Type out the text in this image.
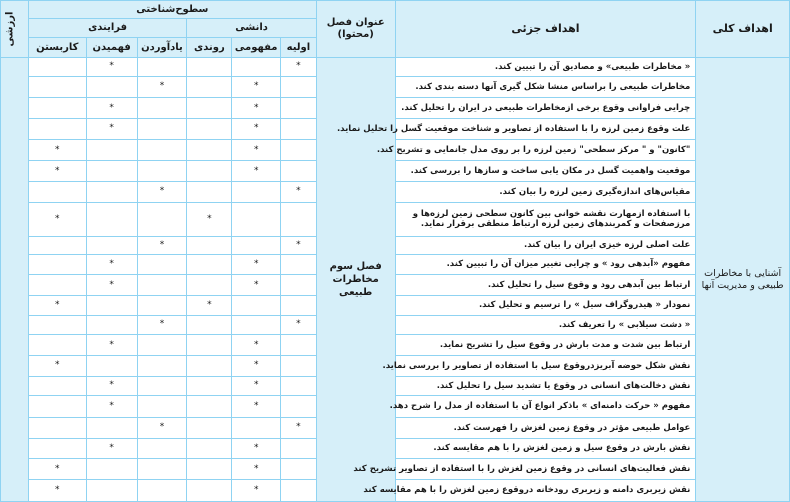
اهداف کلی	اهداف جزئی	عنوان فصل (محتوا)	سطوح‌شناختی						ارزشی
			دانشی			فرایندی			
			اولیه	مفهومی	روندی	یادآوردن	فهمیدن	کاربستن	
آشنایی با مخاطرات طبیعی و مدیریت آنها	« مخاطرات طبیعی» و مصادیق آن را تبیین کند.	فصل سوم مخاطرات طبیعی	*				*		
	مخاطرات طبیعی را براساس منشا شکل گیری آنها دسته بندی کند.			*		*			
	چرایی فراوانی وقوع برخی ازمخاطرات طبیعی در ایران را تحلیل کند.			*			*		
	علت وقوع زمین لرزه را با استفاده از تصاویر و شناخت موقعیت گسل را تحلیل نماید.			*			*		
	"کانون" و " مرکز سطحی" زمین لرزه را بر روی مدل جانمایی و تشریح کند.			*				*	
	موقعیت واهمیت گسل در مکان یابی ساخت و سازها را بررسی کند.			*				*	
	مقیاس‌های اندازه‌گیری زمین لرزه را بیان کند.		*			*			
	با استفاده ازمهارت نقشه خوانی بین کانون سطحی زمین لرزه‌ها و مرزصفحات و کمربندهای زمین لرزه ارتباط منطقی برقرار نماید.				*			*	
	علت اصلی لرزه خیزی ایران را بیان کند.		*			*			
	مفهوم «آبدهی رود » و چرایی تغییر میزان آن را تبیین کند.			*			*		
	ارتباط بین آبدهی رود و وقوع سیل را تحلیل کند.			*			*		
	نمودار « هیدروگراف سیل » را ترسیم و تحلیل کند.				*			*	
	« دشت سیلابی » را تعریف کند.		*			*			
	ارتباط بین شدت و مدت بارش در وقوع سیل را تشریح نماید.			*			*		
	نقش شکل حوضه آبریزدروقوع سیل با استفاده از تصاویر را بررسی نماید.			*				*	
	نقش دخالت‌های انسانی در وقوع یا تشدید سیل را تحلیل کند.			*			*		
	مفهوم « حرکت دامنه‌ای » باذکر انواع آن با استفاده از مدل را شرح دهد.			*			*		
	عوامل طبیعی مؤثر در وقوع زمین لغزش را فهرست کند.		*			*			
	نقش بارش در وقوع سیل و زمین لغزش را با هم مقایسه کند.			*			*		
	نقش فعالیت‌های انسانی در وقوع زمین لغزش را با استفاده از تصاویر تشریح کند			*				*	
	نقش زیربری دامنه و زیربری رودخانه دروقوع زمین لغزش را با هم مقایسه کند			*				*	
